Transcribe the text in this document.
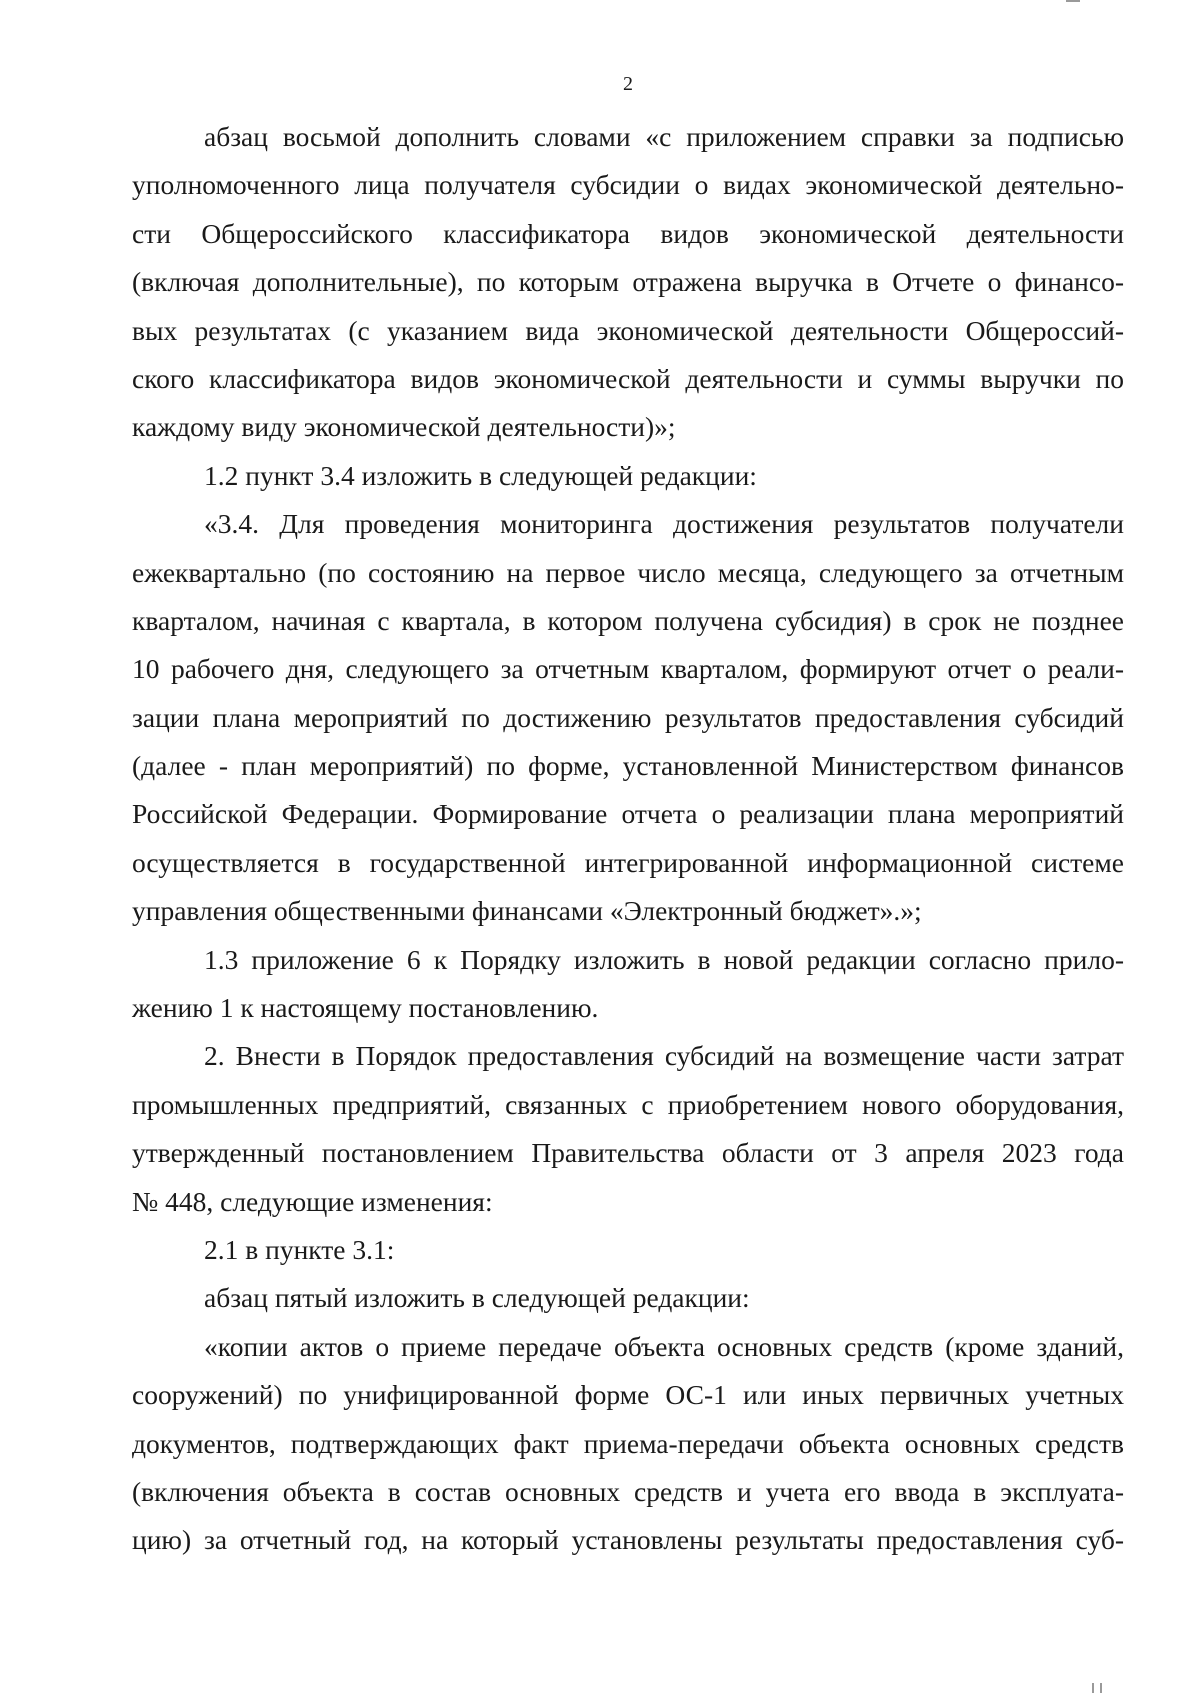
2
абзац восьмой дополнить словами «с приложением справки за подписью
уполномоченного лица получателя субсидии о видах экономической деятельно-
сти Общероссийского классификатора видов экономической деятельности
(включая дополнительные), по которым отражена выручка в Отчете о финансо-
вых результатах (с указанием вида экономической деятельности Общероссий-
ского классификатора видов экономической деятельности и суммы выручки по
каждому виду экономической деятельности)»;
1.2 пункт 3.4 изложить в следующей редакции:
«3.4. Для проведения мониторинга достижения результатов получатели
ежеквартально (по состоянию на первое число месяца, следующего за отчетным
кварталом, начиная с квартала, в котором получена субсидия) в срок не позднее
10 рабочего дня, следующего за отчетным кварталом, формируют отчет о реали-
зации плана мероприятий по достижению результатов предоставления субсидий
(далее - план мероприятий) по форме, установленной Министерством финансов
Российской Федерации. Формирование отчета о реализации плана мероприятий
осуществляется в государственной интегрированной информационной системе
управления общественными финансами «Электронный бюджет».»;
1.3 приложение 6 к Порядку изложить в новой редакции согласно прило-
жению 1 к настоящему постановлению.
2. Внести в Порядок предоставления субсидий на возмещение части затрат
промышленных предприятий, связанных с приобретением нового оборудования,
утвержденный постановлением Правительства области от 3 апреля 2023 года
№ 448, следующие изменения:
2.1 в пункте 3.1:
абзац пятый изложить в следующей редакции:
«копии актов о приеме передаче объекта основных средств (кроме зданий,
сооружений) по унифицированной форме ОС-1 или иных первичных учетных
документов, подтверждающих факт приема-передачи объекта основных средств
(включения объекта в состав основных средств и учета его ввода в эксплуата-
цию) за отчетный год, на который установлены результаты предоставления суб-
